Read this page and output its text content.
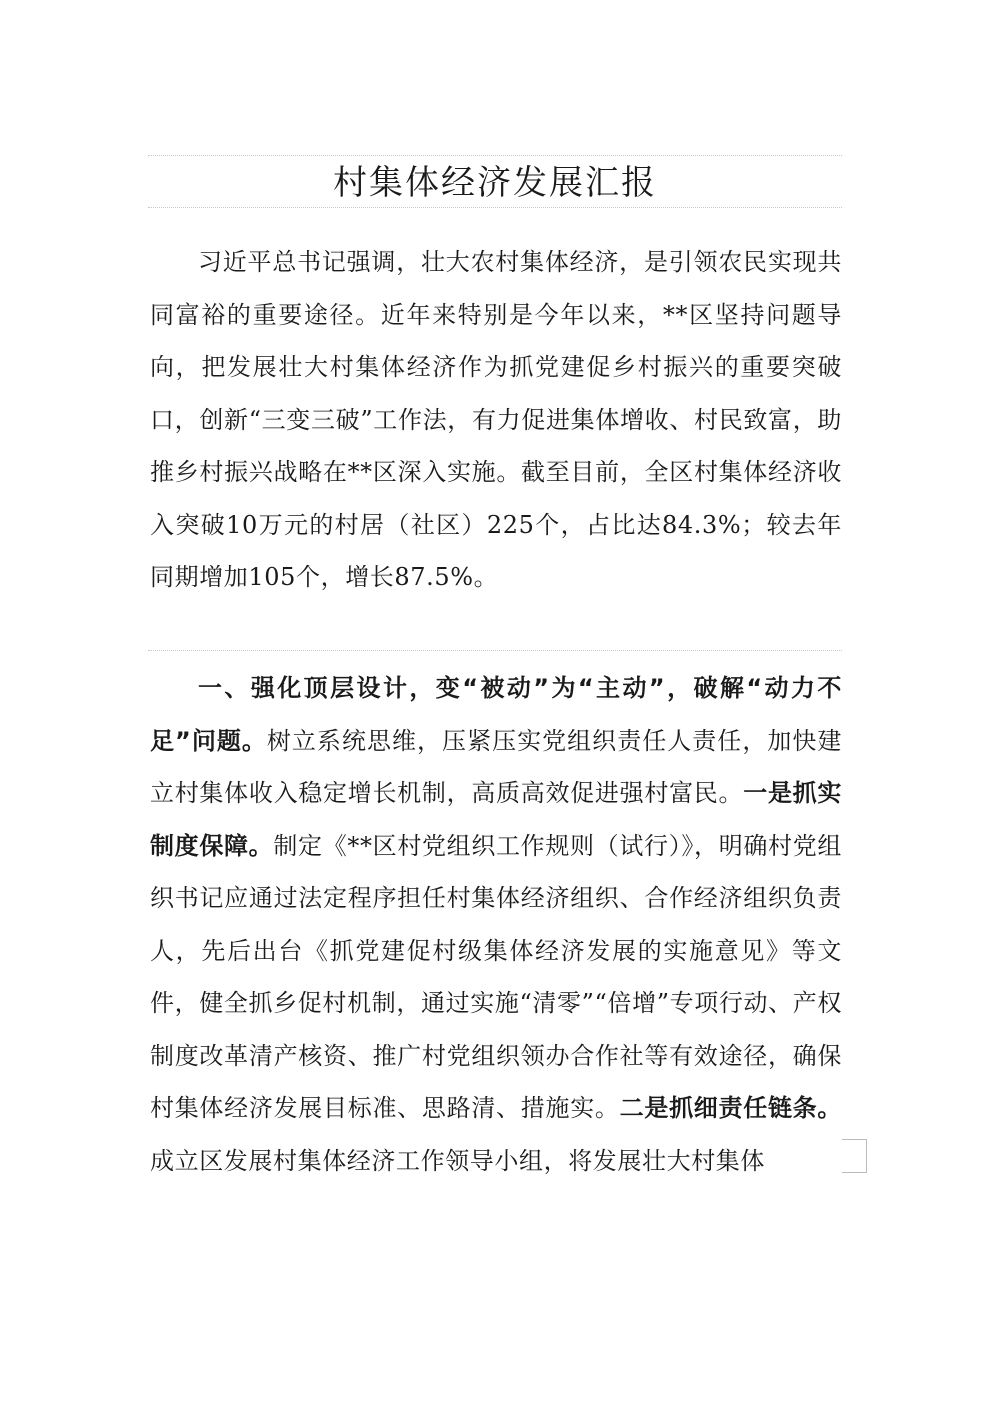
村集体经济发展汇报

习近平总书记强调，壮大农村集体经济，是引领农民实现共同富裕的重要途径。近年来特别是今年以来，**区坚持问题导向，把发展壮大村集体经济作为抓党建促乡村振兴的重要突破口，创新“三变三破”工作法，有力促进集体增收、村民致富，助推乡村振兴战略在**区深入实施。截至目前，全区村集体经济收入突破10万元的村居（社区）225个，占比达84.3%；较去年同期增加105个，增长87.5%。

一、强化顶层设计，变“被动”为“主动”，破解“动力不足”问题。树立系统思维，压紧压实党组织责任人责任，加快建立村集体收入稳定增长机制，高质高效促进强村富民。一是抓实制度保障。制定《**区村党组织工作规则（试行）》，明确村党组织书记应通过法定程序担任村集体经济组织、合作经济组织负责人，先后出台《抓党建促村级集体经济发展的实施意见》等文件，健全抓乡促村机制，通过实施“清零”“倍增”专项行动、产权制度改革清产核资、推广村党组织领办合作社等有效途径，确保村集体经济发展目标准、思路清、措施实。二是抓细责任链条。成立区发展村集体经济工作领导小组，将发展壮大村集体
